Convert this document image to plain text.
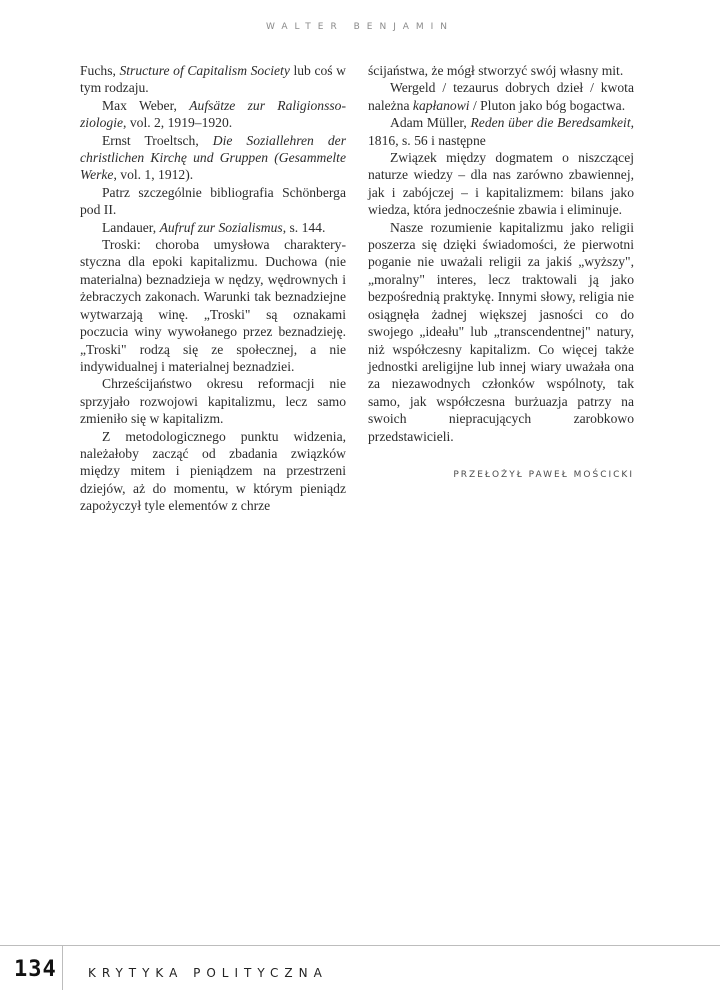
WALTER BENJAMIN

Fuchs, Structure of Capitalism Society lub coś w tym rodzaju.

Max Weber, Aufsätze zur Raligionssoziologie, vol. 2, 1919–1920.

Ernst Troeltsch, Die Soziallehren der christlichen Kirchę und Gruppen (Gesammelte Werke, vol. 1, 1912).

Patrz szczególnie bibliografia Schönberga pod II.

Landauer, Aufruf zur Sozialismus, s. 144.

Troski: choroba umysłowa charakterystyczna dla epoki kapitalizmu. Duchowa (nie materialna) beznadzieja w nędzy, wędrownych i żebraczych zakonach. Warunki tak beznadziejne wytwarzają winę. „Troski" są oznakami poczucia winy wywołanego przez beznadzieję. „Troski" rodzą się ze społecznej, a nie indywidualnej i materialnej beznadziei.

Chrześcijaństwo okresu reformacji nie sprzyjało rozwojowi kapitalizmu, lecz samo zmieniło się w kapitalizm.

Z metodologicznego punktu widzenia, należałoby zacząć od zbadania związków między mitem i pieniądzem na przestrzeni dziejów, aż do momentu, w którym pieniądz zapożyczył tyle elementów z chrze

ścijaństwa, że mógł stworzyć swój własny mit.

Wergeld / tezaurus dobrych dzieł / kwota należna kapłanowi / Pluton jako bóg bogactwa.

Adam Müller, Reden über die Beredsamkeit, 1816, s. 56 i następne

Związek między dogmatem o niszczącej naturze wiedzy – dla nas zarówno zbawiennej, jak i zabójczej – i kapitalizmem: bilans jako wiedza, która jednocześnie zbawia i eliminuje.

Nasze rozumienie kapitalizmu jako religii poszerza się dzięki świadomości, że pierwotni poganie nie uważali religii za jakiś „wyższy", „moralny" interes, lecz traktowali ją jako bezpośrednią praktykę. Innymi słowy, religia nie osiągnęła żadnej większej jasności co do swojego „ideału" lub „transcendentnej" natury, niż współczesny kapitalizm. Co więcej także jednostki areligijne lub innej wiary uważała ona za niezawodnych członków wspólnoty, tak samo, jak współczesna burżuazja patrzy na swoich niepracujących zarobkowo przedstawicieli.

PRZEŁOŻYŁ PAWEŁ MOŚCICKI
134	KRYTYKA POLITYCZNA
